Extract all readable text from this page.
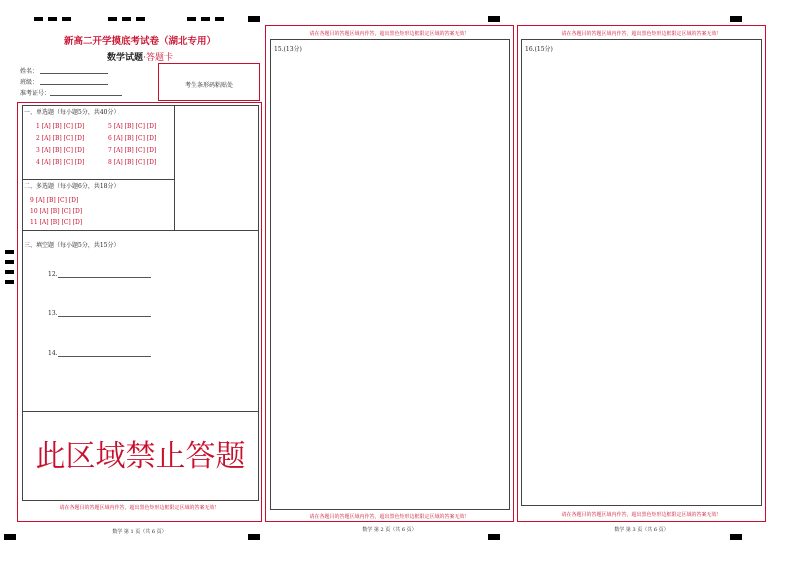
新高二开学摸底考试卷（湖北专用）
数学试题·答题卡
姓名：
班级：
准考证号：
考生条形码粘贴处
一、单选题（每小题5分，共40分）
1 [A] [B] [C] [D]
2 [A] [B] [C] [D]
3 [A] [B] [C] [D]
4 [A] [B] [C] [D]
5 [A] [B] [C] [D]
6 [A] [B] [C] [D]
7 [A] [B] [C] [D]
8 [A] [B] [C] [D]
二、多选题（每小题6分，共18分）
9 [A] [B] [C] [D]
10 [A] [B] [C] [D]
11 [A] [B] [C] [D]
三、填空题（每小题5分，共15分）
12.
13.
14.
此区域禁止答题
请在各题目的答题区域内作答，超出黑色矩形边框限定区域的答案无效！
请在各题目的答题区域内作答，超出黑色矩形边框限定区域的答案无效！
15.(13分)
请在各题目的答题区域内作答，超出黑色矩形边框限定区域的答案无效！
请在各题目的答题区域内作答，超出黑色矩形边框限定区域的答案无效！
16.(15分)
请在各题目的答题区域内作答，超出黑色矩形边框限定区域的答案无效！
数学 第 1 页（共 6 页）	数学 第 2 页（共 6 页）	数学 第 3 页（共 6 页）
